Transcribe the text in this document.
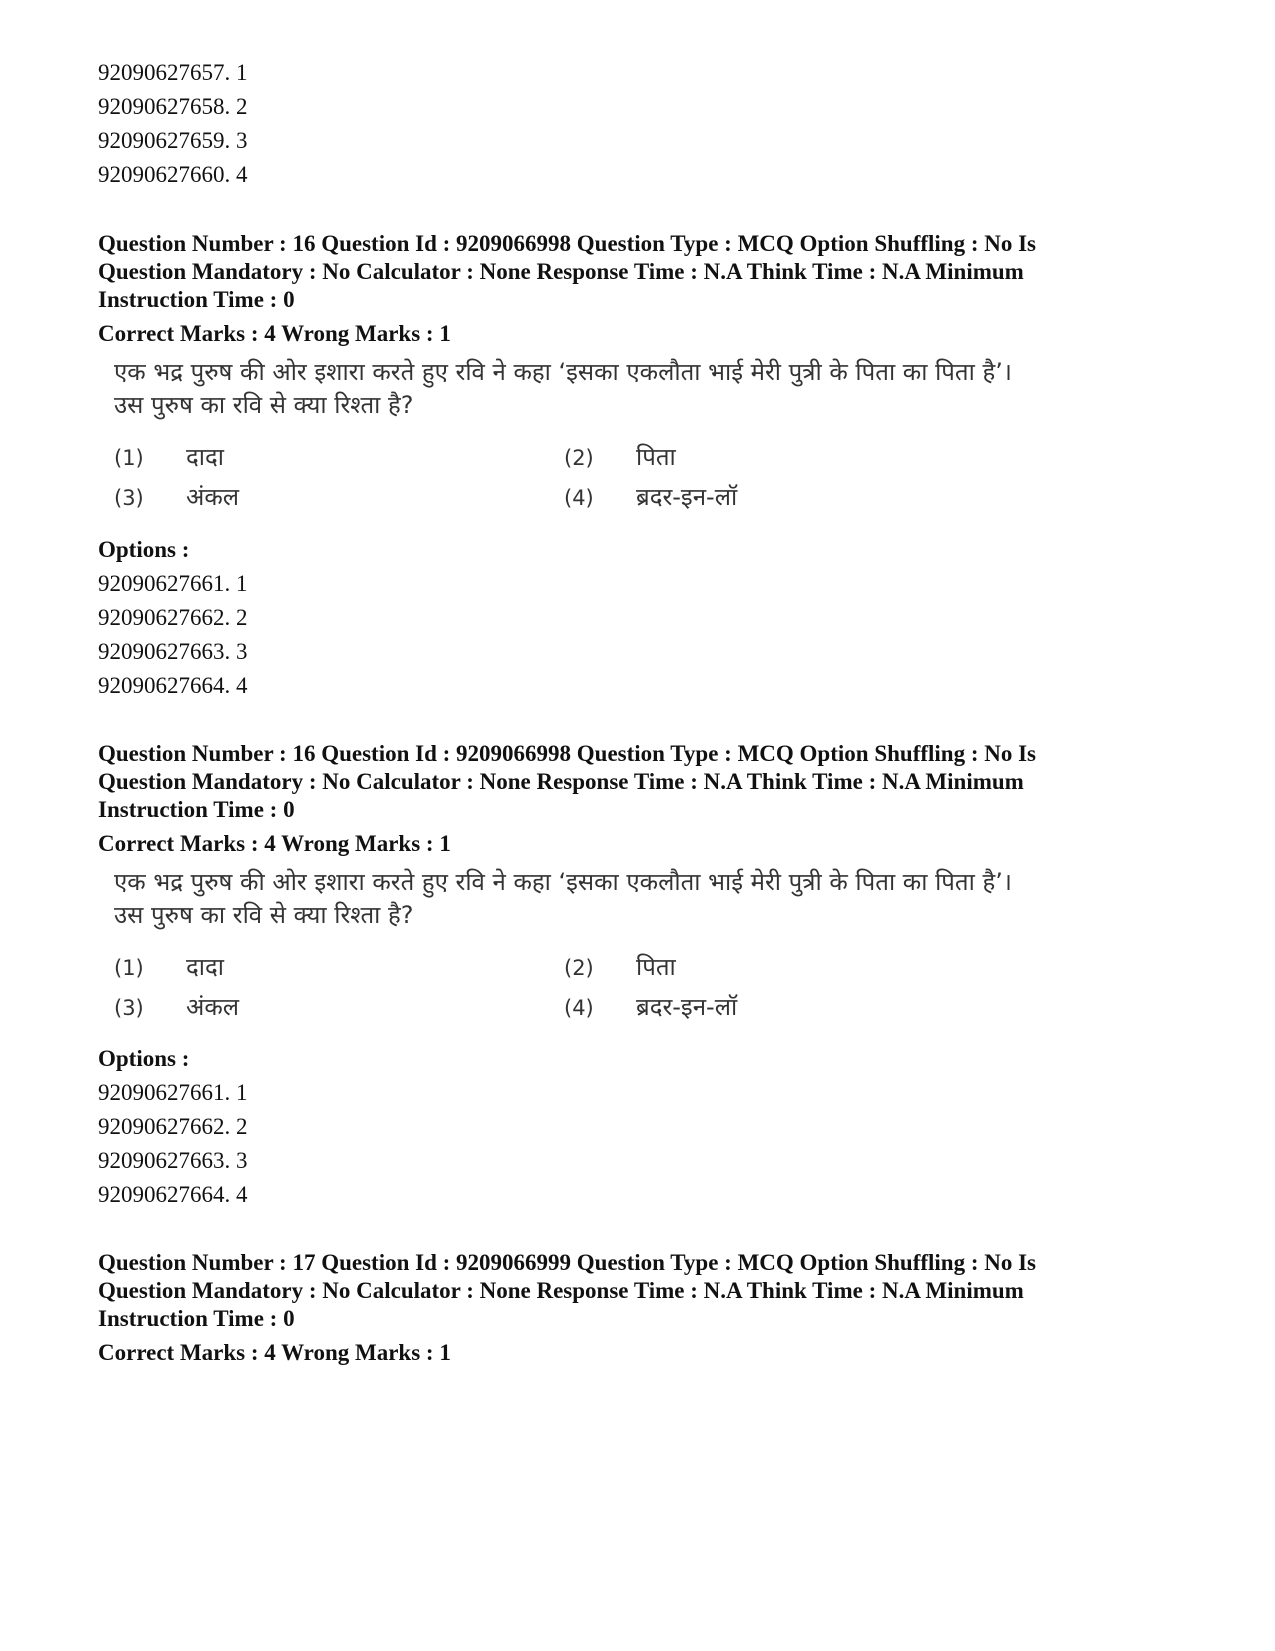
92090627657. 1
92090627658. 2
92090627659. 3
92090627660. 4

Question Number : 16 Question Id : 9209066998 Question Type : MCQ Option Shuffling : No Is Question Mandatory : No Calculator : None Response Time : N.A Think Time : N.A Minimum Instruction Time : 0

Correct Marks : 4 Wrong Marks : 1

एक भद्र पुरुष की ओर इशारा करते हुए रवि ने कहा ‘इसका एकलौता भाई मेरी पुत्री के पिता का पिता है’।

उस पुरुष का रवि से क्या रिश्ता है?

(1) दादा	(2) पिता
(3) अंकल	(4) ब्रदर-इन-लॉ
Options :
92090627661. 1
92090627662. 2
92090627663. 3
92090627664. 4

Question Number : 16 Question Id : 9209066998 Question Type : MCQ Option Shuffling : No Is Question Mandatory : No Calculator : None Response Time : N.A Think Time : N.A Minimum Instruction Time : 0

Correct Marks : 4 Wrong Marks : 1

एक भद्र पुरुष की ओर इशारा करते हुए रवि ने कहा ‘इसका एकलौता भाई मेरी पुत्री के पिता का पिता है’।

उस पुरुष का रवि से क्या रिश्ता है?

(1) दादा	(2) पिता
(3) अंकल	(4) ब्रदर-इन-लॉ
Options :
92090627661. 1
92090627662. 2
92090627663. 3
92090627664. 4

Question Number : 17 Question Id : 9209066999 Question Type : MCQ Option Shuffling : No Is Question Mandatory : No Calculator : None Response Time : N.A Think Time : N.A Minimum Instruction Time : 0

Correct Marks : 4 Wrong Marks : 1
